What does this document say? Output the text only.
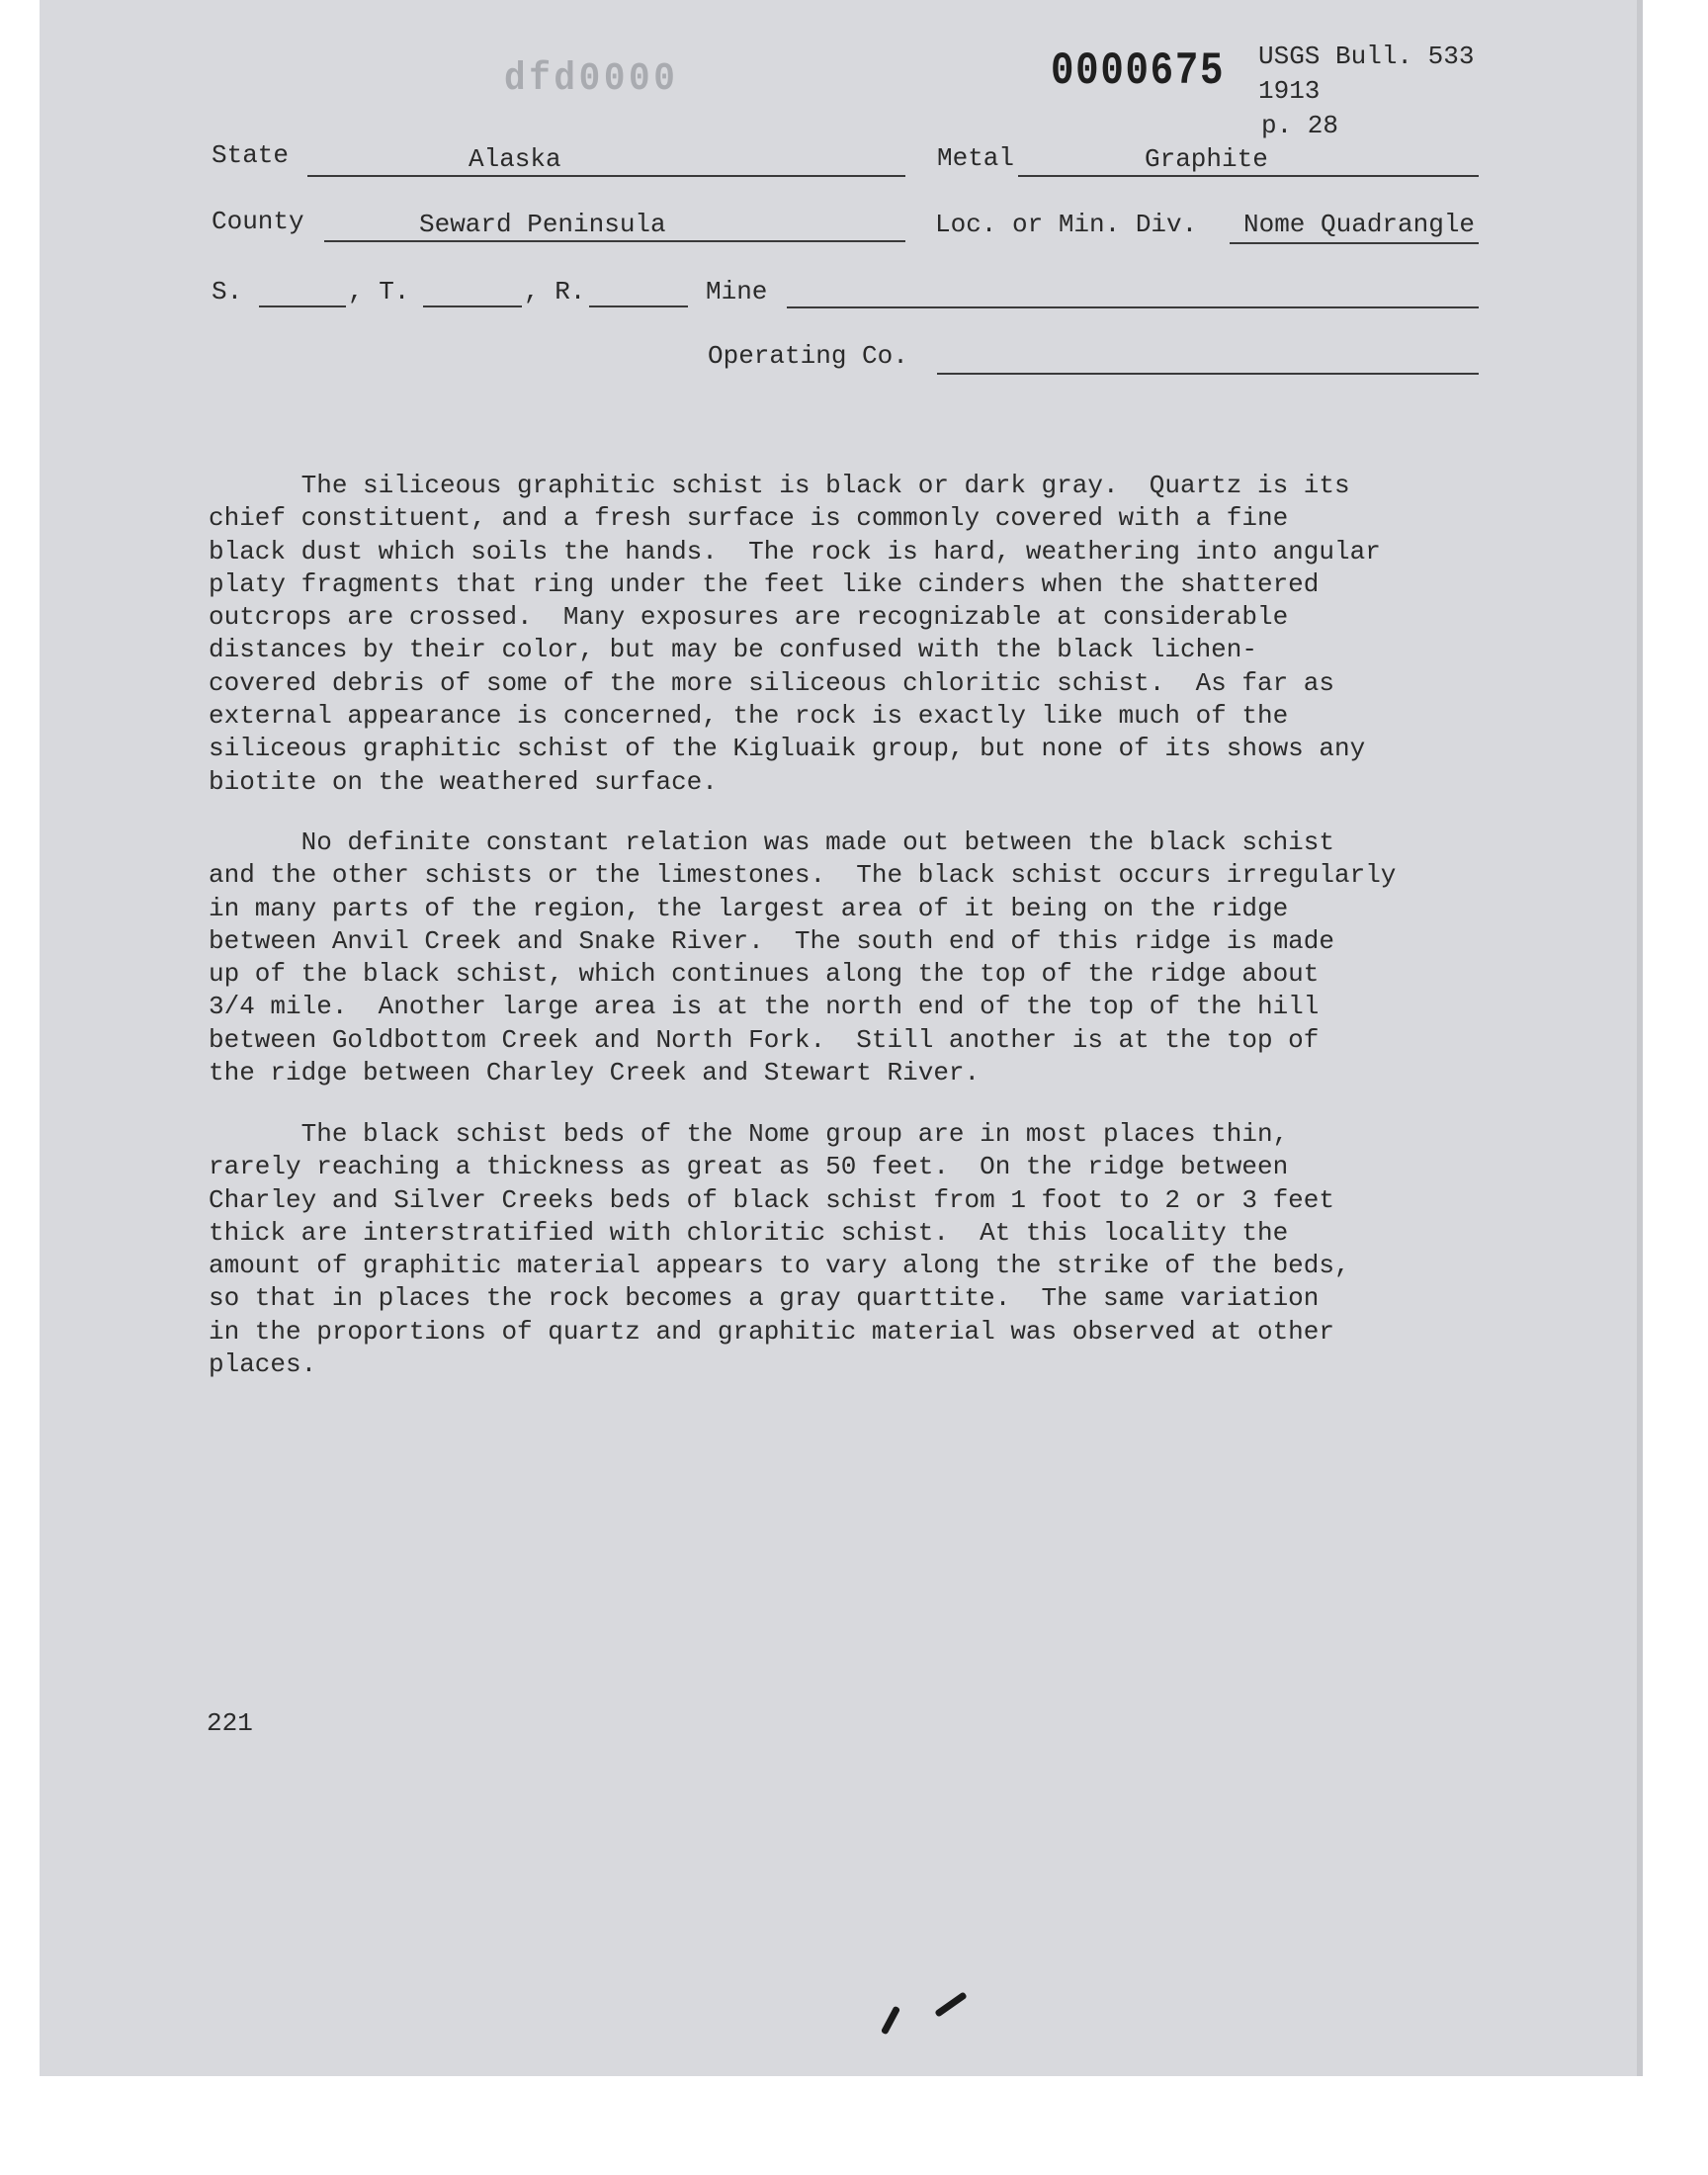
dfd0000	0000675 USGS Bull. 533
1913
p. 28
State	Alaska	Metal	Graphite
County	Seward Peninsula	Loc. or Min. Div. Nome Quadrangle
S.	, T.	, R.	Mine
Operating Co.
The siliceous graphitic schist is black or dark gray.  Quartz is its
chief constituent, and a fresh surface is commonly covered with a fine
black dust which soils the hands.  The rock is hard, weathering into angular
platy fragments that ring under the feet like cinders when the shattered
outcrops are crossed.  Many exposures are recognizable at considerable
distances by their color, but may be confused with the black lichen-
covered debris of some of the more siliceous chloritic schist.  As far as
external appearance is concerned, the rock is exactly like much of the
siliceous graphitic schist of the Kigluaik group, but none of its shows any
biotite on the weathered surface.
No definite constant relation was made out between the black schist
and the other schists or the limestones.  The black schist occurs irregularly
in many parts of the region, the largest area of it being on the ridge
between Anvil Creek and Snake River.  The south end of this ridge is made
up of the black schist, which continues along the top of the ridge about
3/4 mile.  Another large area is at the north end of the top of the hill
between Goldbottom Creek and North Fork.  Still another is at the top of
the ridge between Charley Creek and Stewart River.
The black schist beds of the Nome group are in most places thin,
rarely reaching a thickness as great as 50 feet.  On the ridge between
Charley and Silver Creeks beds of black schist from 1 foot to 2 or 3 feet
thick are interstratified with chloritic schist.  At this locality the
amount of graphitic material appears to vary along the strike of the beds,
so that in places the rock becomes a gray quarttite.  The same variation
in the proportions of quartz and graphitic material was observed at other
places.
221
